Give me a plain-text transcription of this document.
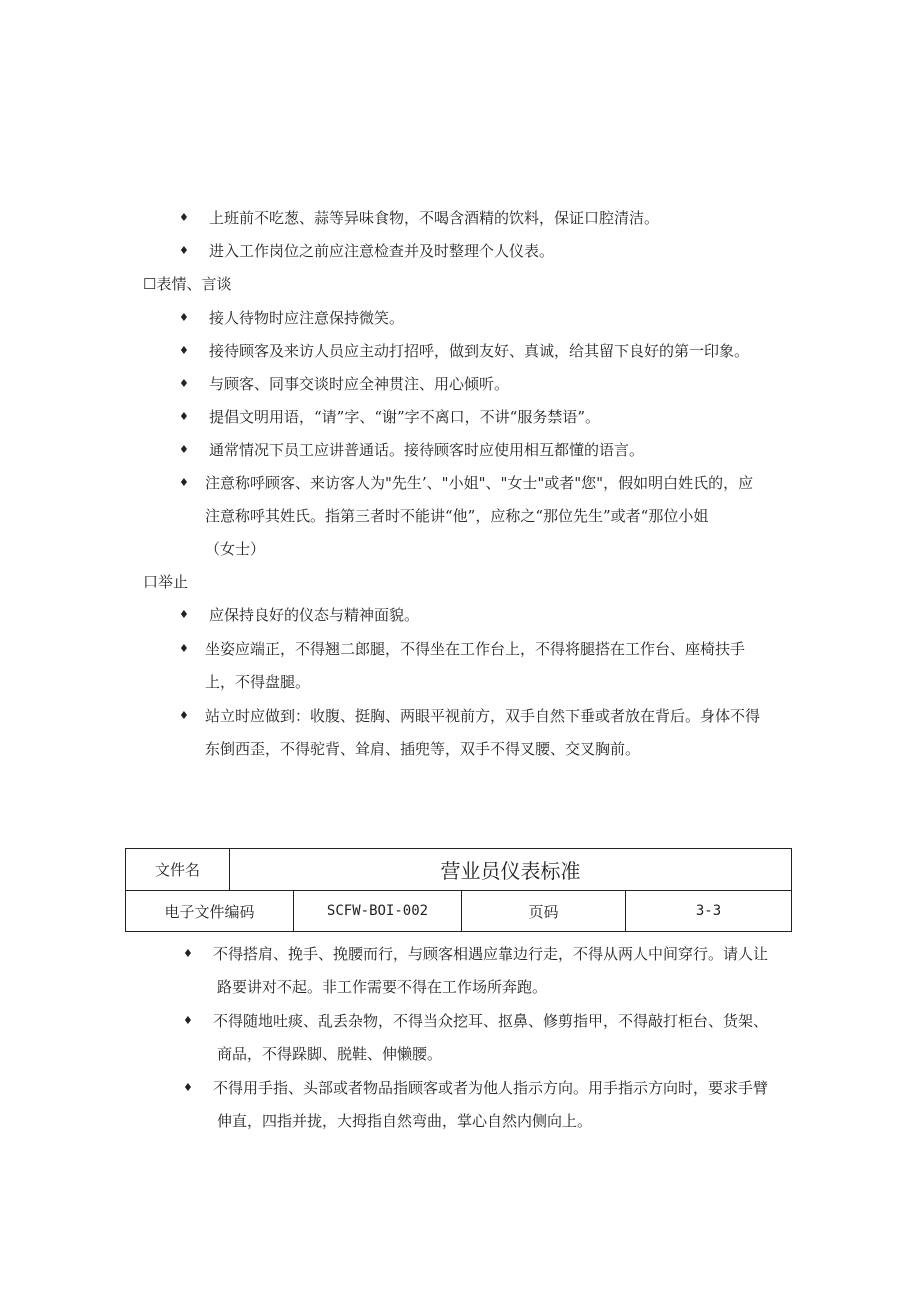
♦ 上班前不吃葱、蒜等异味食物，不喝含酒精的饮料，保证口腔清洁。
♦ 进入工作岗位之前应注意检查并及时整理个人仪表。
☐表情、言谈
♦ 接人待物时应注意保持微笑。
♦ 接待顾客及来访人员应主动打招呼，做到友好、真诚，给其留下良好的第一印象。
♦ 与顾客、同事交谈时应全神贯注、用心倾听。
♦ 提倡文明用语，“请”字、“谢”字不离口，不讲“服务禁语”。
♦ 通常情况下员工应讲普通话。接待顾客时应使用相互都懂的语言。
♦ 注意称呼顾客、来访客人为"先生’、"小姐"、"女士"或者"您"，假如明白姓氏的，应
注意称呼其姓氏。指第三者时不能讲“他”，应称之“那位先生”或者“那位小姐
（女士）
口举止
♦ 应保持良好的仪态与精神面貌。
♦ 坐姿应端正，不得翘二郎腿，不得坐在工作台上，不得将腿搭在工作台、座椅扶手
上，不得盘腿。
♦ 站立时应做到：收腹、挺胸、两眼平视前方，双手自然下垂或者放在背后。身体不得
东倒西歪，不得驼背、耸肩、插兜等，双手不得叉腰、交叉胸前。
文件名	营业员仪表标准			
电子文件编码		SCFW-BOI-002	页码	3-3
♦ 不得搭肩、挽手、挽腰而行，与顾客相遇应靠边行走，不得从两人中间穿行。请人让
路要讲对不起。非工作需要不得在工作场所奔跑。
♦ 不得随地吐痰、乱丢杂物，不得当众挖耳、抠鼻、修剪指甲，不得敲打柜台、货架、
商品，不得跺脚、脱鞋、伸懒腰。
♦ 不得用手指、头部或者物品指顾客或者为他人指示方向。用手指示方向时，要求手臂
伸直，四指并拢，大拇指自然弯曲，掌心自然内侧向上。
